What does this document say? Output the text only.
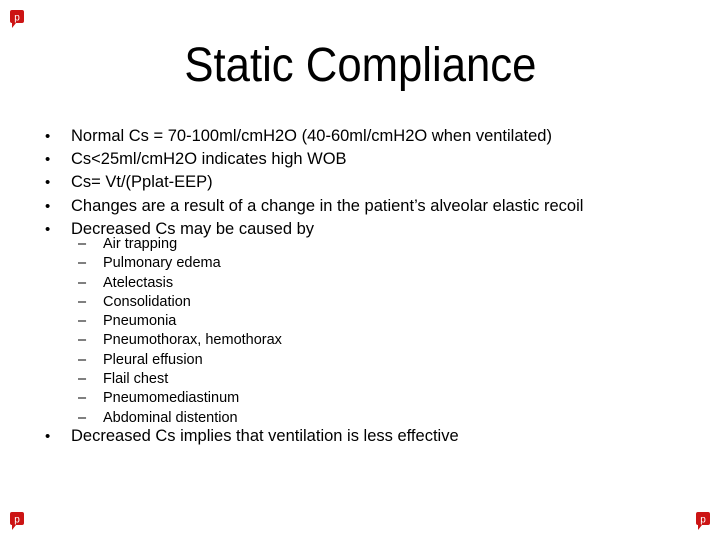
p
p	p
Static Compliance
• Normal Cs = 70-100ml/cmH2O (40-60ml/cmH2O when ventilated)
• Cs<25ml/cmH2O indicates high WOB
• Cs= Vt/(Pplat-EEP)
• Changes are a result of a change in the patient’s alveolar elastic recoil
• Decreased Cs may be caused by
– Air trapping
– Pulmonary edema
– Atelectasis
– Consolidation
– Pneumonia
– Pneumothorax, hemothorax
– Pleural effusion
– Flail chest
– Pneumomediastinum
– Abdominal distention
• Decreased Cs implies that ventilation is less effective
